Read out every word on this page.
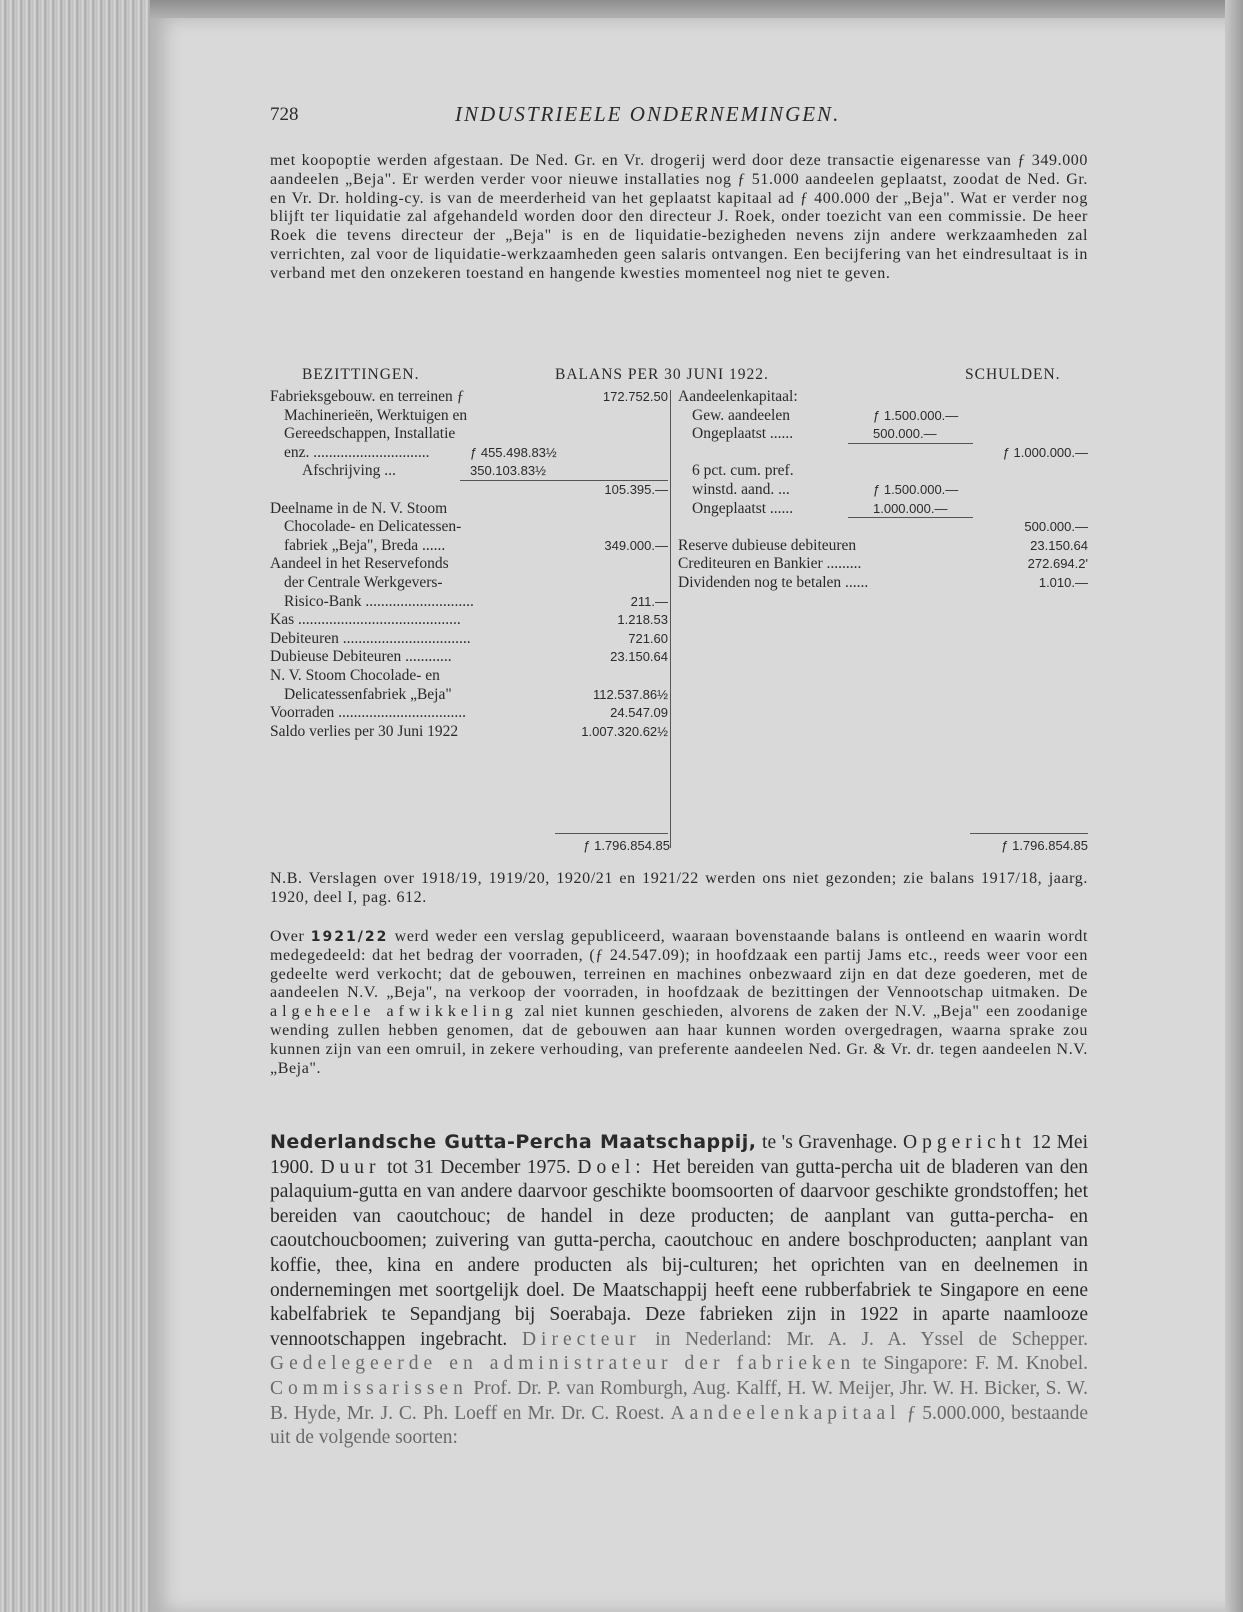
728	INDUSTRIEELE ONDERNEMINGEN.
met koopoptie werden afgestaan. De Ned. Gr. en Vr. drogerij werd door deze transactie eigenaresse van ƒ 349.000 aandeelen „Beja". Er werden verder voor nieuwe installaties nog ƒ 51.000 aandeelen geplaatst, zoodat de Ned. Gr. en Vr. Dr. holding-cy. is van de meerderheid van het geplaatst kapitaal ad ƒ 400.000 der „Beja". Wat er verder nog blijft ter liquidatie zal afgehandeld worden door den directeur J. Roek, onder toezicht van een commissie. De heer Roek die tevens directeur der „Beja" is en de liquidatie-bezigheden nevens zijn andere werkzaamheden zal verrichten, zal voor de liquidatie-werkzaamheden geen salaris ontvangen. Een becijfering van het eindresultaat is in verband met den onzekeren toestand en hangende kwesties momenteel nog niet te geven.
BEZITTINGEN.	BALANS PER 30 JUNI 1922.	SCHULDEN.
Fabrieksgebouw. en terreinen ƒ	172.752.50
Machinerieën, Werktuigen en
Gereedschappen, Installatie
enz. ..............................	ƒ 455.498.83½
Afschrijving ...	350.103.83½
105.395.—
Deelname in de N. V. Stoom
Chocolade- en Delicatessen-
fabriek „Beja", Breda ......	349.000.—
Aandeel in het Reservefonds
der Centrale Werkgevers-
Risico-Bank ............................	211.—
Kas ..........................................	1.218.53
Debiteuren .................................	721.60
Dubieuse Debiteuren ............	23.150.64
N. V. Stoom Chocolade- en
Delicatessenfabriek „Beja"	112.537.86½
Voorraden .................................	24.547.09
Saldo verlies per 30 Juni 1922	1.007.320.62½
Aandeelenkapitaal:
Gew. aandeelen	ƒ 1.500.000.—
Ongeplaatst ......	500.000.—
ƒ 1.000.000.—
6 pct. cum. pref.
winstd. aand. ...	ƒ 1.500.000.—
Ongeplaatst ......	1.000.000.—
500.000.—
Reserve dubieuse debiteuren	23.150.64
Crediteuren en Bankier .........	272.694.2'
Dividenden nog te betalen ......	1.010.—
ƒ 1.796.854.85	ƒ 1.796.854.85
N.B. Verslagen over 1918/19, 1919/20, 1920/21 en 1921/22 werden ons niet gezonden; zie balans 1917/18, jaarg. 1920, deel I, pag. 612.
Over 1921/22 werd weder een verslag gepubliceerd, waaraan bovenstaande balans is ontleend en waarin wordt medegedeeld: dat het bedrag der voorraden, (ƒ 24.547.09); in hoofdzaak een partij Jams etc., reeds weer voor een gedeelte werd verkocht; dat de gebouwen, terreinen en machines onbezwaard zijn en dat deze goederen, met de aandeelen N.V. „Beja", na verkoop der voorraden, in hoofdzaak de bezittingen der Vennootschap uitmaken. De algeheele afwikkeling zal niet kunnen geschieden, alvorens de zaken der N.V. „Beja" een zoodanige wending zullen hebben genomen, dat de gebouwen aan haar kunnen worden overgedragen, waarna sprake zou kunnen zijn van een omruil, in zekere verhouding, van preferente aandeelen Ned. Gr. & Vr. dr. tegen aandeelen N.V. „Beja".
Nederlandsche Gutta-Percha Maatschappij, te 's Gravenhage. Opgericht 12 Mei 1900. Duur tot 31 December 1975. Doel: Het bereiden van gutta-percha uit de bladeren van den palaquium-gutta en van andere daarvoor geschikte boomsoorten of daarvoor geschikte grondstoffen; het bereiden van caoutchouc; de handel in deze producten; de aanplant van gutta-percha- en caoutchoucboomen; zuivering van gutta-percha, caoutchouc en andere boschproducten; aanplant van koffie, thee, kina en andere producten als bij-culturen; het oprichten van en deelnemen in ondernemingen met soortgelijk doel. De Maatschappij heeft eene rubberfabriek te Singapore en eene kabelfabriek te Sepandjang bij Soerabaja. Deze fabrieken zijn in 1922 in aparte naamlooze vennootschappen ingebracht. Directeur in Nederland: Mr. A. J. A. Yssel de Schepper. Gedelegeerde en administrateur der fabrieken te Singapore: F. M. Knobel. Commissarissen Prof. Dr. P. van Romburgh, Aug. Kalff, H. W. Meijer, Jhr. W. H. Bicker, S. W. B. Hyde, Mr. J. C. Ph. Loeff en Mr. Dr. C. Roest. Aandeelenkapitaal ƒ 5.000.000, bestaande uit de volgende soorten:
